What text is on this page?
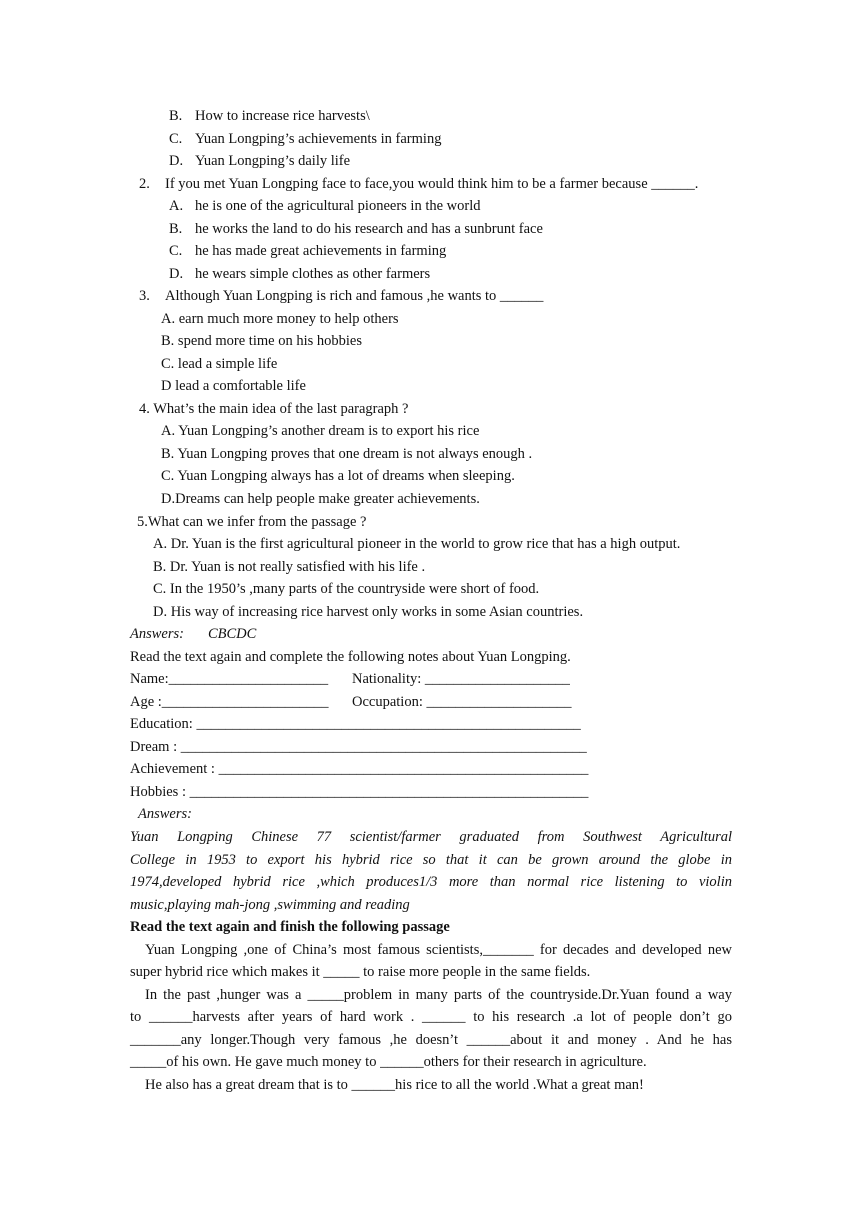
B. How to increase rice harvests\
C. Yuan Longping’s achievements in farming
D. Yuan Longping’s daily life
2. If you met Yuan Longping face to face,you would think him to be a farmer because ______.
A. he is one of the agricultural pioneers in the world
B. he works the land to do his research and has a sunbrunt face
C. he has made great achievements in farming
D. he wears simple clothes as other farmers
3. Although Yuan Longping is rich and famous ,he wants to ______
A. earn much more money to help others
B. spend more time on his hobbies
C. lead a simple life
D lead a comfortable life
4. What’s the main idea of the last paragraph ?
A. Yuan Longping’s another dream is to export his rice
B. Yuan Longping proves that one dream is not always enough .
C. Yuan Longping always has a lot of dreams when sleeping.
D.Dreams can help people make greater achievements.
5.What can we infer from the passage ?
A. Dr. Yuan is the first agricultural pioneer in the world to grow rice that has a high output.
B. Dr. Yuan is not really satisfied with his life .
C. In the 1950’s ,many parts of the countryside were short of food.
D. His way of increasing rice harvest only works in some Asian countries.
Answers: CBCDC
Read the text again and complete the following notes about Yuan Longping.
Name:______________________ Nationality: ____________________
Age :_______________________ Occupation: ____________________
Education: _____________________________________________________
Dream : ________________________________________________________
Achievement : ___________________________________________________
Hobbies : _______________________________________________________
Answers:
Yuan Longping Chinese 77 scientist/farmer graduated from Southwest Agricultural
College in 1953 to export his hybrid rice so that it can be grown around the globe in
1974,developed hybrid rice ,which produces1/3 more than normal rice listening to violin
music,playing mah-jong ,swimming and reading
Read the text again and finish the following passage
Yuan Longping ,one of China’s most famous scientists,_______ for decades and developed new
super hybrid rice which makes it _____ to raise more people in the same fields.
In the past ,hunger was a _____problem in many parts of the countryside.Dr.Yuan found a way
to ______harvests after years of hard work . ______ to his research .a lot of people don’t go
_______any longer.Though very famous ,he doesn’t ______about it and money . And he has
_____of his own. He gave much money to ______others for their research in agriculture.
He also has a great dream that is to ______his rice to all the world .What a great man!
